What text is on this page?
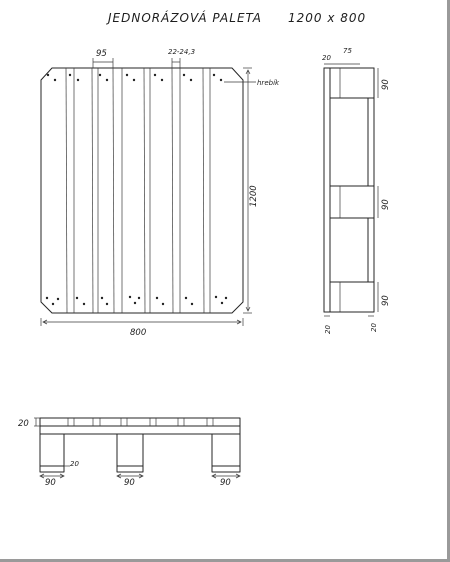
JEDNORÁZOVÁ PALETA 1200 x 800
95	22-24,3
hrebík
1200
800
20
75
90
90
90
20	20
20
20
90	90	90
